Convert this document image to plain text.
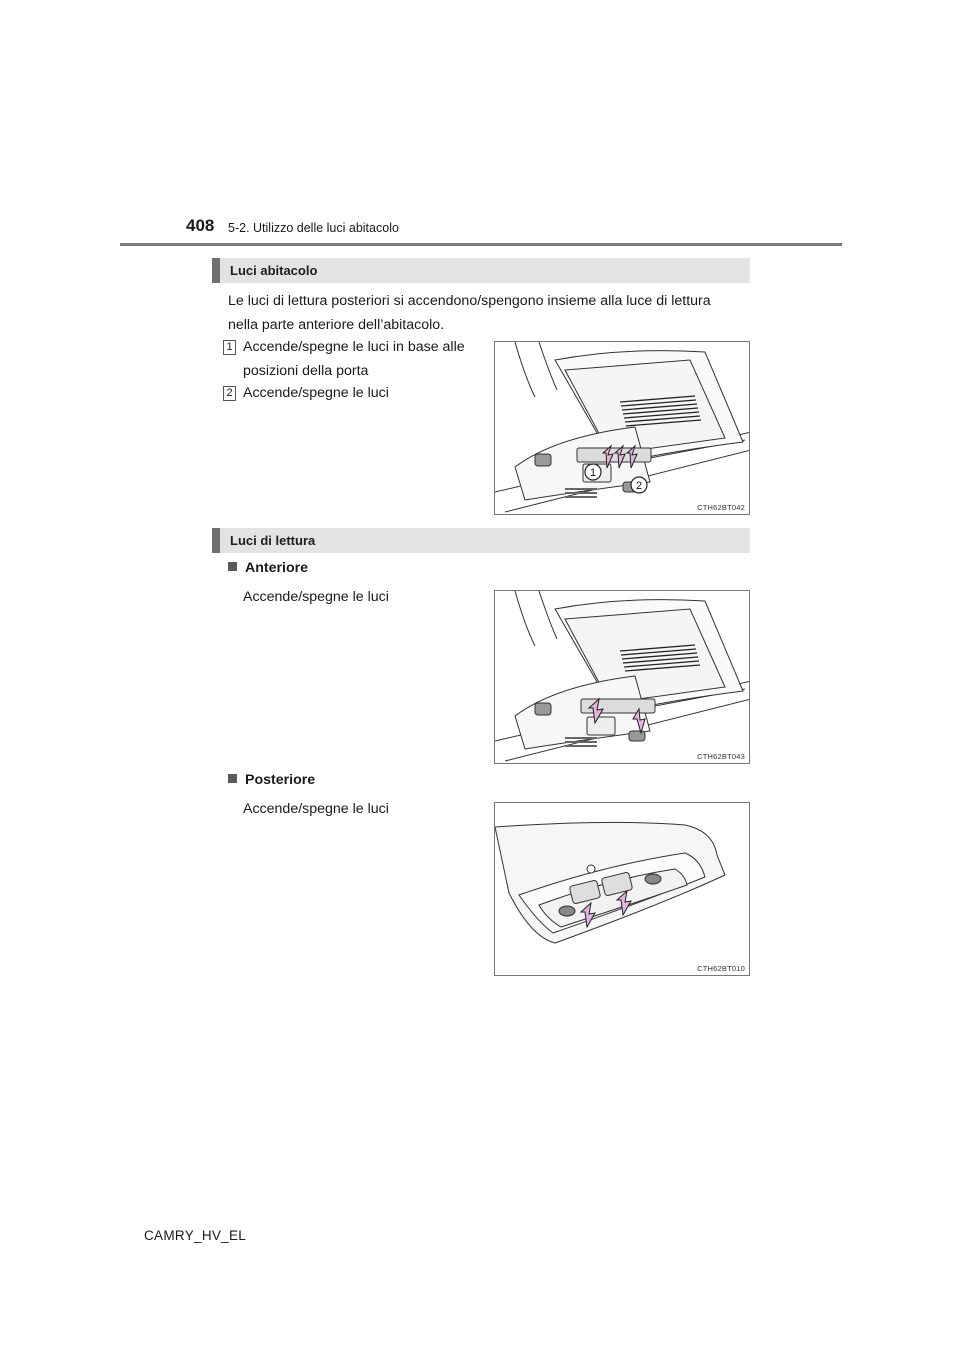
408 5-2. Utilizzo delle luci abitacolo
Luci abitacolo
Le luci di lettura posteriori si accendono/spengono insieme alla luce di lettura
nella parte anteriore dell’abitacolo.
1 Accende/spegne le luci in base alle
posizioni della porta
2 Accende/spegne le luci
1
2
CTH62BT042
Luci di lettura
Anteriore
Accende/spegne le luci
CTH62BT043
Posteriore
Accende/spegne le luci
CTH62BT010
CAMRY_HV_EL
